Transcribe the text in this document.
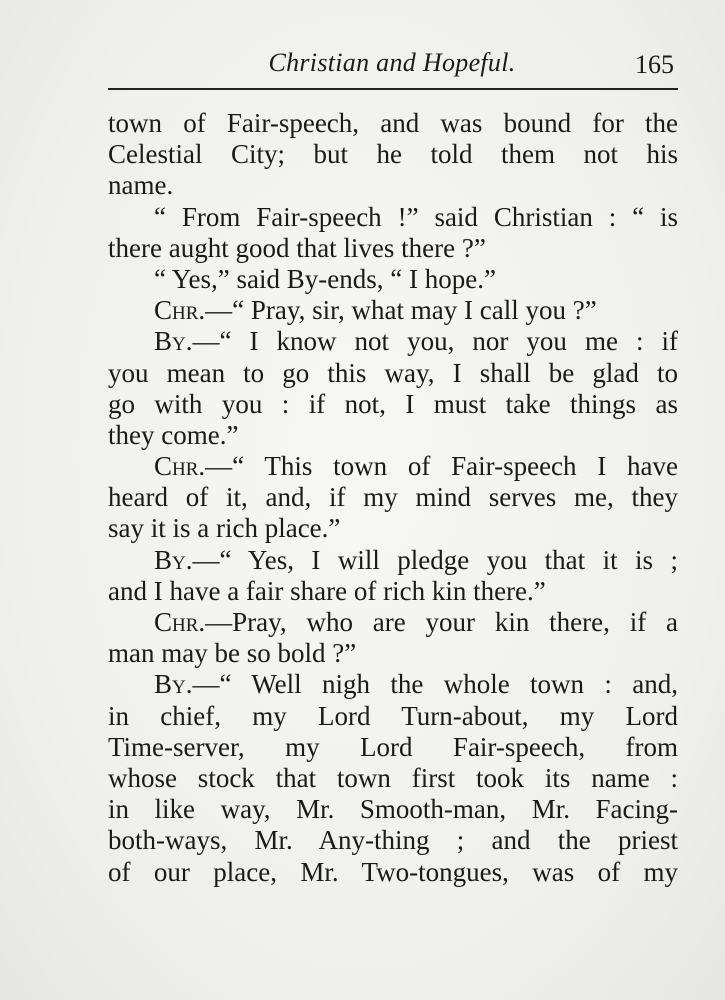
Christian and Hopeful.	165
town of Fair-speech, and was bound for the
Celestial City; but he told them not his
name.
“ From Fair-speech !” said Christian : “ is
there aught good that lives there ?”
“ Yes,” said By-ends, “ I hope.”
Chr.—“ Pray, sir, what may I call you ?”
By.—“ I know not you, nor you me : if
you mean to go this way, I shall be glad to
go with you : if not, I must take things as
they come.”
Chr.—“ This town of Fair-speech I have
heard of it, and, if my mind serves me, they
say it is a rich place.”
By.—“ Yes, I will pledge you that it is ;
and I have a fair share of rich kin there.”
Chr.—Pray, who are your kin there, if a
man may be so bold ?”
By.—“ Well nigh the whole town : and,
in chief, my Lord Turn-about, my Lord
Time-server, my Lord Fair-speech, from
whose stock that town first took its name :
in like way, Mr. Smooth-man, Mr. Facing-
both-ways, Mr. Any-thing ; and the priest
of our place, Mr. Two-tongues, was of my
